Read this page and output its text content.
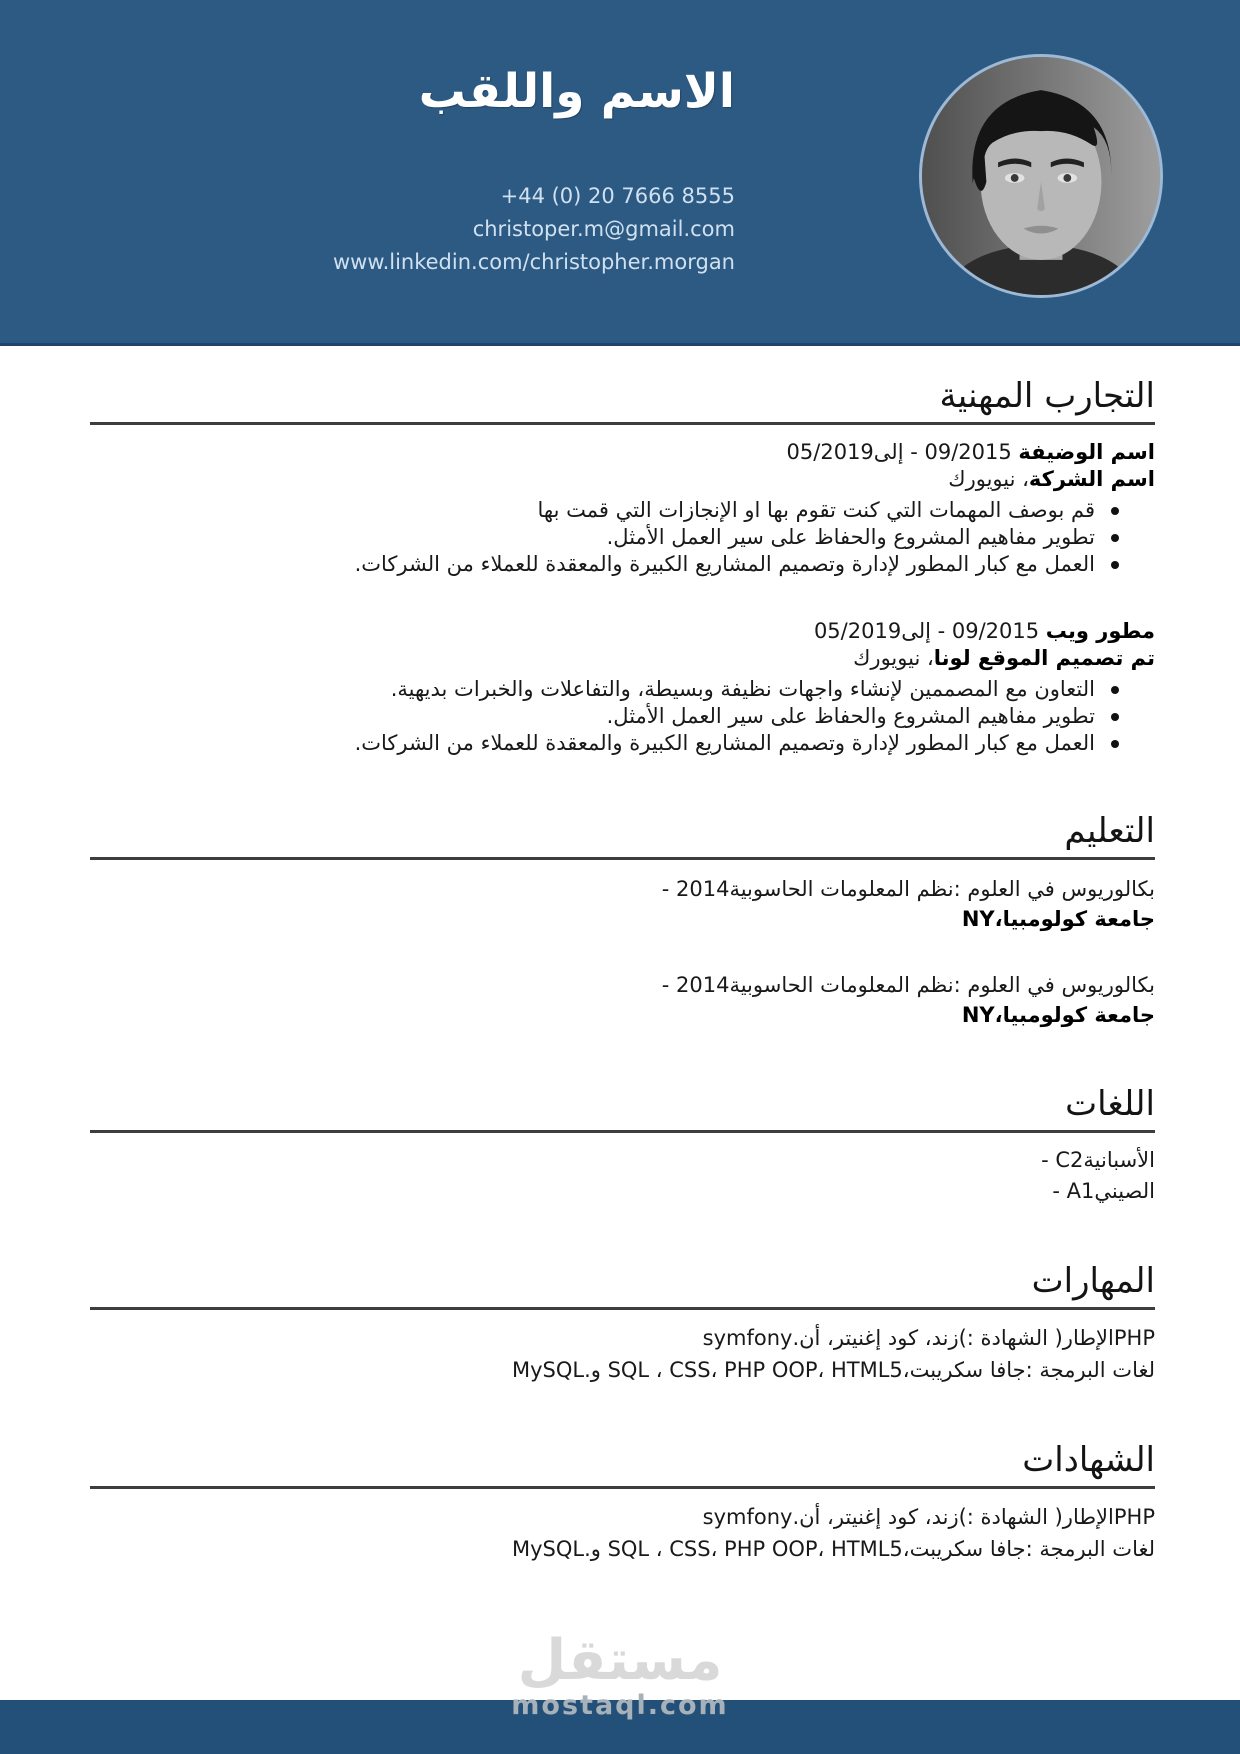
الاسم واللقب
+44 (0) 20 7666 8555
christoper.m@gmail.com
www.linkedin.com/christopher.morgan
التجارب المهنية
اسم الوضيفة 09/2015 - إلى05/2019
اسم الشركة، نيويورك
قم بوصف المهمات التي كنت تقوم بها او الإنجازات التي قمت بها
تطوير مفاهيم المشروع والحفاظ على سير العمل الأمثل.
العمل مع كبار المطور لإدارة وتصميم المشاريع الكبيرة والمعقدة للعملاء من الشركات.
مطور ويب 09/2015 - إلى05/2019
تم تصميم الموقع لونا، نيويورك
التعاون مع المصممين لإنشاء واجهات نظيفة وبسيطة، والتفاعلات والخبرات بديهية.
تطوير مفاهيم المشروع والحفاظ على سير العمل الأمثل.
العمل مع كبار المطور لإدارة وتصميم المشاريع الكبيرة والمعقدة للعملاء من الشركات.
التعليم
بكالوريوس في العلوم :نظم المعلومات الحاسوبية2014 -
جامعة كولومبيا،NY
بكالوريوس في العلوم :نظم المعلومات الحاسوبية2014 -
جامعة كولومبيا،NY
اللغات
الأسبانيةC2 -
الصينيA1 -
المهارات
PHPالإطار( الشهادة :)زند، كود إغنيتر، أن.symfony
لغات البرمجة :جافا سكريبت،SQL ، CSS، PHP OOP، HTML5 و.MySQL
الشهادات
PHPالإطار( الشهادة :)زند، كود إغنيتر، أن.symfony
لغات البرمجة :جافا سكريبت،SQL ، CSS، PHP OOP، HTML5 و.MySQL
مستقل
mostaql.com
